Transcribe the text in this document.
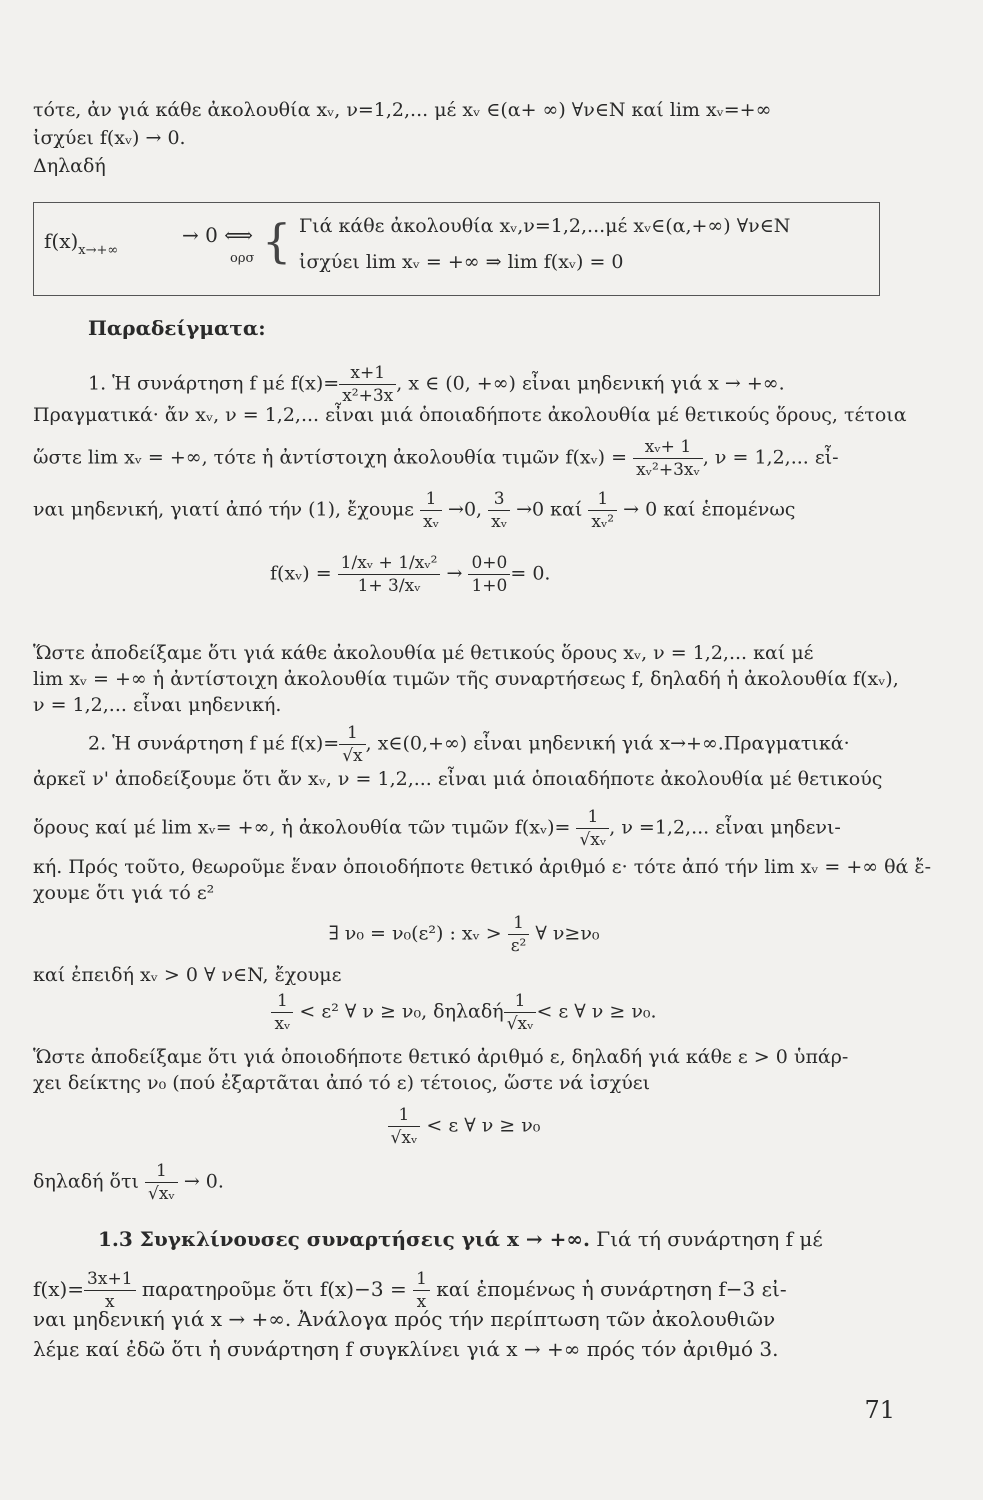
τότε, ἀν γιά κάθε ἀκολουθία xᵥ, ν=1,2,... μέ xᵥ ∈(α+ ∞) ∀ν∈N καί lim xᵥ=+∞
ἰσχύει f(xᵥ) → 0.
Δηλαδή
$f(x)_{x\to+\infty}$
→ 0 ⟺
ορσ { Γιά κάθε ἀκολουθία xᵥ,ν=1,2,...μέ xᵥ∈(α,+∞) ∀ν∈N
ἰσχύει lim xᵥ = +∞ ⇒ lim f(xᵥ) = 0
Παραδείγματα:
1. Ἡ συνάρτηση f μέ $f(x)= \frac{x+1}{\text{x²+3x}}$ , x ∈ (0, +∞) εἶναι μηδενική γιά x → +∞.
Πραγματικά· ἄν xᵥ, ν = 1,2,... εἶναι μιά ὁποιαδήποτε ἀκολουθία μέ θετικούς ὅρους, τέτοια
ὥστε lim xᵥ = +∞, τότε ἡ ἀντίστοιχη ἀκολουθία τιμῶν f(xᵥ) = $\frac{\text{xᵥ+ 1}}{\text{xᵥ²+3xᵥ}}$ , ν = 1,2,... εἶ-
ναι μηδενική, γιατί ἀπό τήν (1), ἔχουμε $\frac{1}{\text{xᵥ}} \to 0$, $\frac{3}{\text{xᵥ}} \to 0$ καί $\frac{1}{\text{xᵥ²}} \to 0$ καί ἑπομένως
f(xᵥ) = $\frac{\text{1/xᵥ + 1/xᵥ²}}{\text{1+ 3/xᵥ}} \to \frac{0+0}{1+0} = 0$.
Ὥστε ἀποδείξαμε ὅτι γιά κάθε ἀκολουθία μέ θετικούς ὅρους xᵥ, ν = 1,2,... καί μέ
lim xᵥ = +∞ ἡ ἀντίστοιχη ἀκολουθία τιμῶν τῆς συναρτήσεως f, δηλαδή ἡ ἀκολουθία f(xᵥ),
ν = 1,2,... εἶναι μηδενική.
2. Ἡ συνάρτηση f μέ $f(x)= \frac{1}{√x}$ , x∈(0,+∞) εἶναι μηδενική γιά x→+∞.Πραγματικά·
ἀρκεῖ ν' ἀποδείξουμε ὅτι ἄν xᵥ, ν = 1,2,... εἶναι μιά ὁποιαδήποτε ἀκολουθία μέ θετικούς
ὅρους καί μέ lim xᵥ= +∞, ἡ ἀκολουθία τῶν τιμῶν f(xᵥ)= $\frac{1}{\text{√xᵥ}}$ , ν =1,2,... εἶναι μηδενι-
κή. Πρός τοῦτο, θεωροῦμε ἕναν ὁποιοδήποτε θετικό ἀριθμό ε· τότε ἀπό τήν lim xᵥ = +∞ θά ἔ-
χουμε ὅτι γιά τό ε²
∃ ν₀ = ν₀(ε²) : xᵥ > $\frac{1}{\text{ε²}}$ ∀ ν≥ν₀
καί ἐπειδή xᵥ > 0 ∀ ν∈N, ἔχουμε
$\frac{1}{\text{xᵥ}} < \varepsilon^2$ ∀ ν ≥ ν₀, δηλαδή $\frac{1}{\text{√xᵥ}} < \varepsilon$ ∀ ν ≥ ν₀.
Ὥστε ἀποδείξαμε ὅτι γιά ὁποιοδήποτε θετικό ἀριθμό ε, δηλαδή γιά κάθε ε > 0 ὑπάρ-
χει δείκτης ν₀ (πού ἐξαρτᾶται ἀπό τό ε) τέτοιος, ὥστε νά ἰσχύει
$\frac{1}{\text{√xᵥ}} < \varepsilon$ ∀ ν ≥ ν₀
δηλαδή ὅτι $\frac{1}{\text{√xᵥ}} \to 0$.
1.3 Συγκλίνουσες συναρτήσεις γιά x → +∞. Γιά τή συνάρτηση f μέ
$f(x)= \frac{3x+1}{x}$ παρατηροῦμε ὅτι $f(x)-3 = \frac{1}{x}$ καί ἑπομένως ἡ συνάρτηση f−3 εἰ-
ναι μηδενική γιά x → +∞. Ἀνάλογα πρός τήν περίπτωση τῶν ἀκολουθιῶν
λέμε καί ἐδῶ ὅτι ἡ συνάρτηση f συγκλίνει γιά x → +∞ πρός τόν ἀριθμό 3.
71
